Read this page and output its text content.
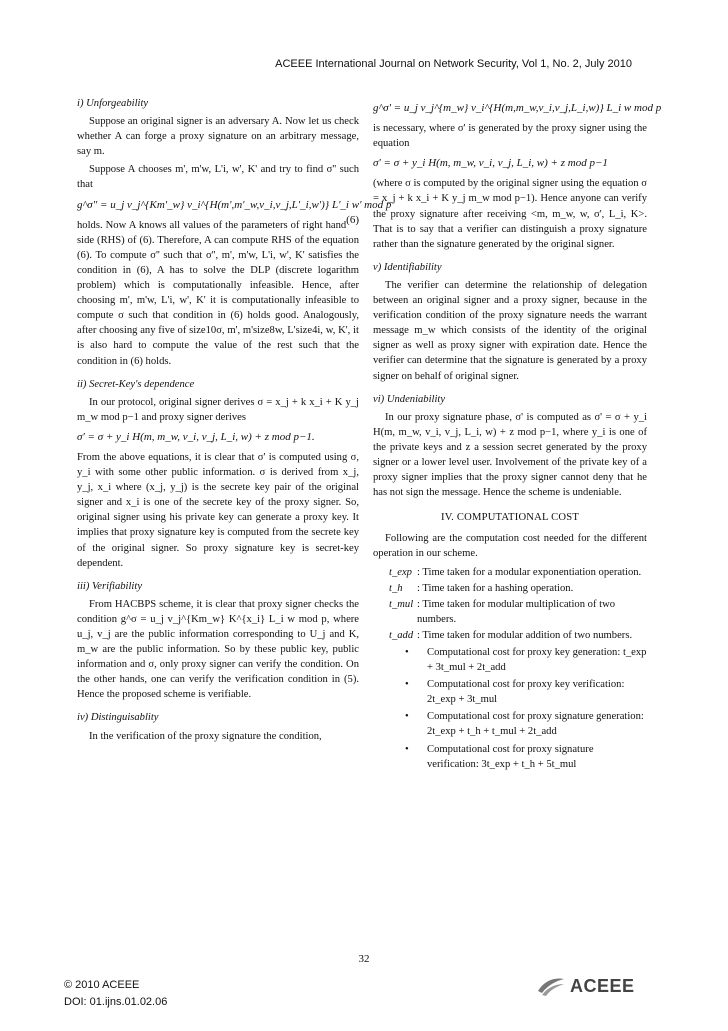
ACEEE International Journal on Network Security, Vol 1, No. 2, July 2010
i) Unforgeability

Suppose an original signer is an adversary A. Now let us check whether A can forge a proxy signature on an arbitrary message, say m.

Suppose A chooses m', m'w, L'i, w', K' and try to find σ'' such that

g^σ'' = u_j v_j^{Km'_w} v_i^{H(m',m'_w,v_i,v_j,L'_i,w')} L'_i w' mod p
(6)

holds. Now A knows all values of the parameters of right hand side (RHS) of (6). Therefore, A can compute RHS of the equation (6). To compute σ'' such that σ'', m', m'w, L'i, w', K' satisfies the condition in (6), A has to solve the DLP (discrete logarithm problem) which is computationally infeasible. Hence, after choosing m', m'w, L'i, w', K' it is computationally infeasible to compute σ such that condition in (6) holds good. Analogously, after choosing any five of size10σ, m', m'size8w, L'size4i, w, K', it is also hard to compute the value of the rest such that the condition in (6) holds.

ii) Secret-Key's dependence

In our protocol, original signer derives σ = x_j + k x_i + K y_j m_w mod p−1 and proxy signer derives

σ' = σ + y_i H(m, m_w, v_i, v_j, L_i, w) + z mod p−1.

From the above equations, it is clear that σ' is computed using σ, y_i with some other public information. σ is derived from x_j, y_j, x_i where (x_j, y_j) is the secrete key pair of the original signer and x_i is one of the secrete key of the proxy signer. So, original signer using his private key can generate a proxy key. It implies that proxy signature key is computed from the secrete key of the original signer. So proxy signature key is secret-key dependent.

iii) Verifiability

From HACBPS scheme, it is clear that proxy signer checks the condition g^σ = u_j v_j^{Km_w} K^{x_i} L_i w mod p, where u_j, v_j are the public information corresponding to U_j and K, m_w are the public information. So by these public key, public information and σ, only proxy signer can verify the condition. On the other hands, one can verify the verification condition in (5). Hence the proposed scheme is verifiable.

iv) Distinguisablity

In the verification of the proxy signature the condition,

g^σ' = u_j v_j^{m_w} v_i^{H(m,m_w,v_i,v_j,L_i,w)} L_i w mod p

is necessary, where σ' is generated by the proxy signer using the equation

σ' = σ + y_i H(m, m_w, v_i, v_j, L_i, w) + z mod p−1

(where σ is computed by the original signer using the equation σ = x_j + k x_i + K y_j m_w mod p−1). Hence anyone can verify the proxy signature after receiving <m, m_w, w, σ', L_i, K>. That is to say that a verifier can distinguish a proxy signature rather than the signature generated by the original signer.

v) Identifiability

The verifier can determine the relationship of delegation between an original signer and a proxy signer, because in the verification condition of the proxy signature needs the warrant message m_w which consists of the identity of the original signer as well as proxy signer with expiration date. Hence the verifier can determine that the signature is generated by a proxy signer on behalf of original signer.

vi) Undeniability

In our proxy signature phase, σ' is computed as σ' = σ + y_i H(m, m_w, v_i, v_j, L_i, w) + z mod p−1, where y_i is one of the private keys and z a session secret generated by the proxy signer or a lower level user. Involvement of the private key of a proxy signer implies that the proxy signer cannot deny that he has not sign the message. Hence the scheme is undeniable.

IV. COMPUTATIONAL COST

Following are the computation cost needed for the different operation in our scheme.

t_exp : Time taken for a modular exponentiation operation.
t_h	: Time taken for a hashing operation.
t_mul : Time taken for modular multiplication of two numbers.
t_add : Time taken for modular addition of two numbers.
•	Computational cost for proxy key generation: t_exp + 3t_mul + 2t_add
•	Computational cost for proxy key verification: 2t_exp + 3t_mul
•	Computational cost for proxy signature generation: 2t_exp + t_h + t_mul + 2t_add
•	Computational cost for proxy signature verification: 3t_exp + t_h + 5t_mul
32
© 2010 ACEEE
DOI: 01.ijns.01.02.06
ACEEE
